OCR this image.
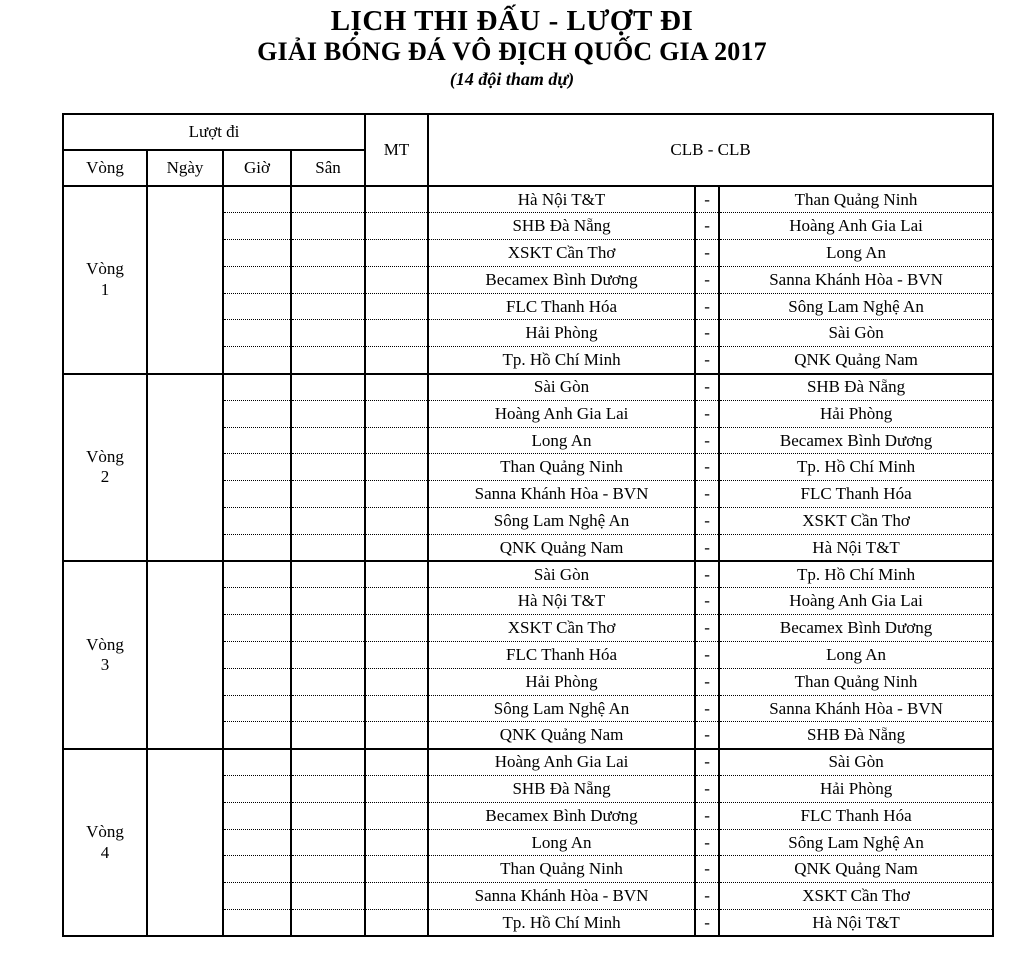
LỊCH THI ĐẤU - LƯỢT ĐI
GIẢI BÓNG ĐÁ VÔ ĐỊCH QUỐC GIA 2017
(14 đội tham dự)
Lượt đi				MT	CLB - CLB		
Vòng	Ngày	Giờ	Sân				
Vòng
1					Hà Nội T&T	-	Than Quảng Ninh
					SHB Đà Nẵng	-	Hoàng Anh Gia Lai
					XSKT Cần Thơ	-	Long An
					Becamex Bình Dương	-	Sanna Khánh Hòa - BVN
					FLC Thanh Hóa	-	Sông Lam Nghệ An
					Hải Phòng	-	Sài Gòn
					Tp. Hồ Chí Minh	-	QNK Quảng Nam
Vòng
2					Sài Gòn	-	SHB Đà Nẵng
					Hoàng Anh Gia Lai	-	Hải Phòng
					Long An	-	Becamex Bình Dương
					Than Quảng Ninh	-	Tp. Hồ Chí Minh
					Sanna Khánh Hòa - BVN	-	FLC Thanh Hóa
					Sông Lam Nghệ An	-	XSKT Cần Thơ
					QNK Quảng Nam	-	Hà Nội T&T
Vòng
3					Sài Gòn	-	Tp. Hồ Chí Minh
					Hà Nội T&T	-	Hoàng Anh Gia Lai
					XSKT Cần Thơ	-	Becamex Bình Dương
					FLC Thanh Hóa	-	Long An
					Hải Phòng	-	Than Quảng Ninh
					Sông Lam Nghệ An	-	Sanna Khánh Hòa - BVN
					QNK Quảng Nam	-	SHB Đà Nẵng
Vòng
4					Hoàng Anh Gia Lai	-	Sài Gòn
					SHB Đà Nẵng	-	Hải Phòng
					Becamex Bình Dương	-	FLC Thanh Hóa
					Long An	-	Sông Lam Nghệ An
					Than Quảng Ninh	-	QNK Quảng Nam
					Sanna Khánh Hòa - BVN	-	XSKT Cần Thơ
					Tp. Hồ Chí Minh	-	Hà Nội T&T
